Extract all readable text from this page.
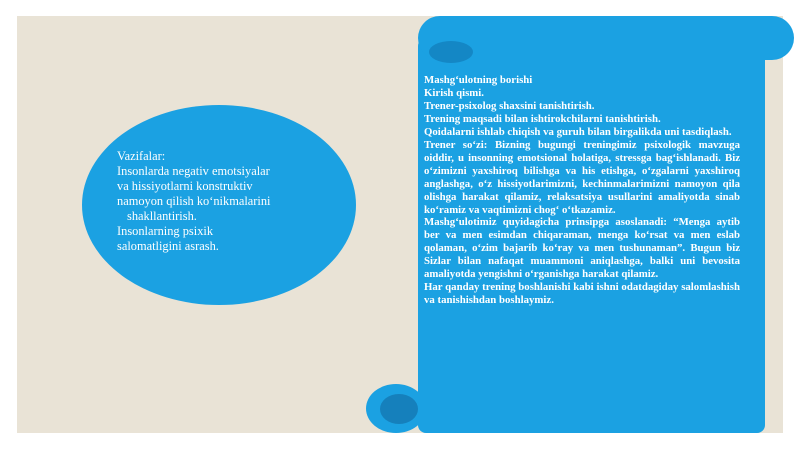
Vazifalar:
Insonlarda negativ emotsiyalar
va hissiyotlarni konstruktiv
namoyon qilish ko‘nikmalarini
shakllantirish.
Insonlarning psixik
salomatligini asrash.
Mashg‘ulotning borishi
Kirish qismi.
Trener-psixolog shaxsini tanishtirish.
Trening maqsadi bilan ishtirokchilarni tanishtirish.
Qoidalarni ishlab chiqish va guruh bilan birgalikda uni tasdiqlash.
Trener so‘zi: Bizning bugungi treningimiz psixologik mavzuga oiddir, u insonning emotsional holatiga, stressga bag‘ishlanadi. Biz o‘zimizni yaxshiroq bilishga va his etishga, o‘zgalarni yaxshiroq anglashga, o‘z hissiyotlarimizni, kechinmalarimizni namoyon qila olishga harakat qilamiz, relaksatsiya usullarini amaliyotda sinab ko‘ramiz va vaqtimizni chog‘ o‘tkazamiz.
Mashg‘ulotimiz quyidagicha prinsipga asoslanadi: “Menga aytib ber va men esimdan chiqaraman, menga ko‘rsat va men eslab qolaman, o‘zim bajarib ko‘ray va men tushunaman”. Bugun biz Sizlar bilan nafaqat muammoni aniqlashga, balki uni bevosita amaliyotda yengishni o‘rganishga harakat qilamiz.
Har qanday trening boshlanishi kabi ishni odatdagiday salomlashish va tanishishdan boshlaymiz.
